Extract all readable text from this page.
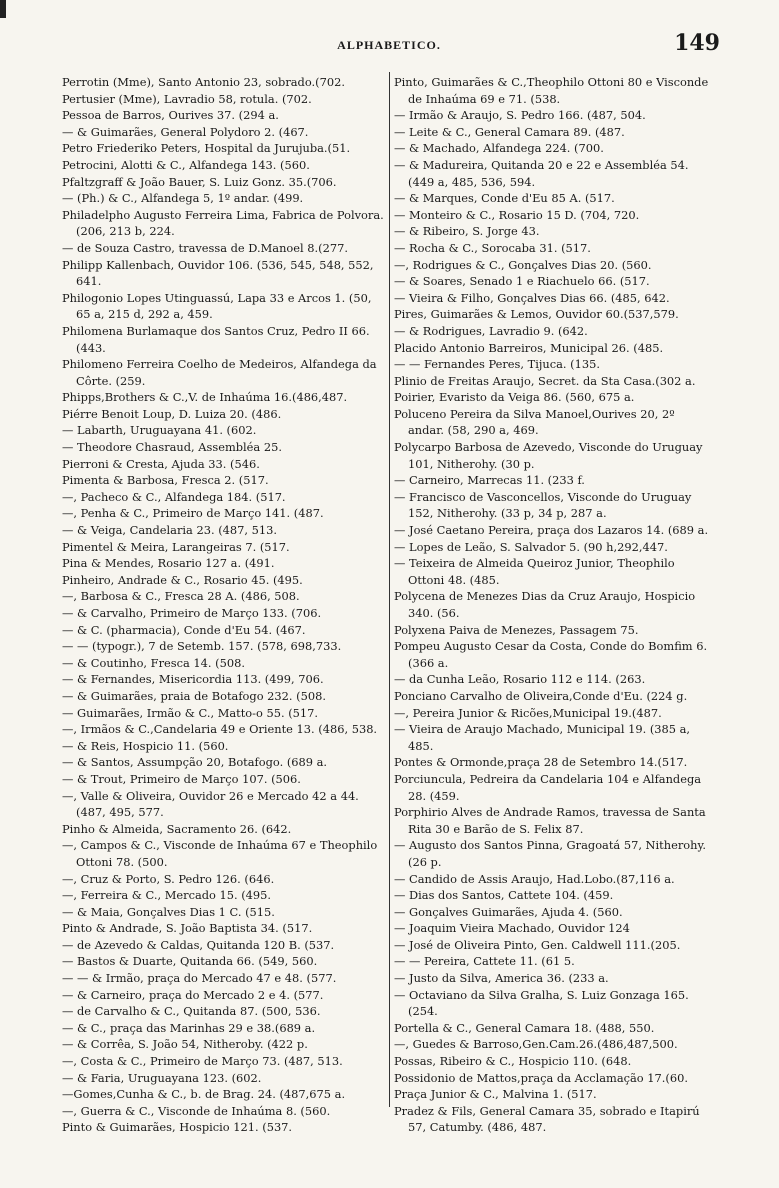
ALPHABETICO.	149
Perrotin (Mme), Santo Antonio 23, sobrado.(702.
Pertusier (Mme), Lavradio 58, rotula. (702.
Pessoa de Barros, Ourives 37. (294 a.
— & Guimarães, General Polydoro 2. (467.
Petro Friederiko Peters, Hospital da Jurujuba.(51.
Petrocini, Alotti & C., Alfandega 143. (560.
Pfaltzgraff & João Bauer, S. Luiz Gonz. 35.(706.
— (Ph.) & C., Alfandega 5, 1º andar. (499.
Philadelpho Augusto Ferreira Lima, Fabrica de Polvora. (206, 213 b, 224.
— de Souza Castro, travessa de D.Manoel 8.(277.
Philipp Kallenbach, Ouvidor 106. (536, 545, 548, 552, 641.
Philogonio Lopes Utinguassú, Lapa 33 e Arcos 1. (50, 65 a, 215 d, 292 a, 459.
Philomena Burlamaque dos Santos Cruz, Pedro II 66. (443.
Philomeno Ferreira Coelho de Medeiros, Alfandega da Côrte. (259.
Phipps,Brothers & C.,V. de Inhaúma 16.(486,487.
Piérre Benoit Loup, D. Luiza 20. (486.
— Labarth, Uruguayana 41. (602.
— Theodore Chasraud, Assembléa 25.
Pierroni & Cresta, Ajuda 33. (546.
Pimenta & Barbosa, Fresca 2. (517.
—, Pacheco & C., Alfandega 184. (517.
—, Penha & C., Primeiro de Março 141. (487.
— & Veiga, Candelaria 23. (487, 513.
Pimentel & Meira, Larangeiras 7. (517.
Pina & Mendes, Rosario 127 a. (491.
Pinheiro, Andrade & C., Rosario 45. (495.
—, Barbosa & C., Fresca 28 A. (486, 508.
— & Carvalho, Primeiro de Março 133. (706.
— & C. (pharmacia), Conde d'Eu 54. (467.
— — (typogr.), 7 de Setemb. 157. (578, 698,733.
— & Coutinho, Fresca 14. (508.
— & Fernandes, Misericordia 113. (499, 706.
— & Guimarães, praia de Botafogo 232. (508.
— Guimarães, Irmão & C., Matto-o 55. (517.
—, Irmãos & C.,Candelaria 49 e Oriente 13. (486, 538.
— & Reis, Hospicio 11. (560.
— & Santos, Assumpção 20, Botafogo. (689 a.
— & Trout, Primeiro de Março 107. (506.
—, Valle & Oliveira, Ouvidor 26 e Mercado 42 a 44. (487, 495, 577.
Pinho & Almeida, Sacramento 26. (642.
—, Campos & C., Visconde de Inhaúma 67 e Theophilo Ottoni 78. (500.
—, Cruz & Porto, S. Pedro 126. (646.
—, Ferreira & C., Mercado 15. (495.
— & Maia, Gonçalves Dias 1 C. (515.
Pinto & Andrade, S. João Baptista 34. (517.
— de Azevedo & Caldas, Quitanda 120 B. (537.
— Bastos & Duarte, Quitanda 66. (549, 560.
— — & Irmão, praça do Mercado 47 e 48. (577.
— & Carneiro, praça do Mercado 2 e 4. (577.
— de Carvalho & C., Quitanda 87. (500, 536.
— & C., praça das Marinhas 29 e 38.(689 a.
— & Corrêa, S. João 54, Nitheroby. (422 p.
—, Costa & C., Primeiro de Março 73. (487, 513.
— & Faria, Uruguayana 123. (602.
—Gomes,Cunha & C., b. de Brag. 24. (487,675 a.
—, Guerra & C., Visconde de Inhaúma 8. (560.
Pinto & Guimarães, Hospicio 121. (537.
Pinto, Guimarães & C.,Theophilo Ottoni 80 e Visconde de Inhaúma 69 e 71. (538.
— Irmão & Araujo, S. Pedro 166. (487, 504.
— Leite & C., General Camara 89. (487.
— & Machado, Alfandega 224. (700.
— & Madureira, Quitanda 20 e 22 e Assembléa 54. (449 a, 485, 536, 594.
— & Marques, Conde d'Eu 85 A. (517.
— Monteiro & C., Rosario 15 D. (704, 720.
— & Ribeiro, S. Jorge 43.
— Rocha & C., Sorocaba 31. (517.
—, Rodrigues & C., Gonçalves Dias 20. (560.
— & Soares, Senado 1 e Riachuelo 66. (517.
— Vieira & Filho, Gonçalves Dias 66. (485, 642.
Pires, Guimarães & Lemos, Ouvidor 60.(537,579.
— & Rodrigues, Lavradio 9. (642.
Placido Antonio Barreiros, Municipal 26. (485.
— — Fernandes Peres, Tijuca. (135.
Plinio de Freitas Araujo, Secret. da Sta Casa.(302 a.
Poirier, Evaristo da Veiga 86. (560, 675 a.
Poluceno Pereira da Silva Manoel,Ourives 20, 2º andar. (58, 290 a, 469.
Polycarpo Barbosa de Azevedo, Visconde do Uruguay 101, Nitherohy. (30 p.
— Carneiro, Marrecas 11. (233 f.
— Francisco de Vasconcellos, Visconde do Uruguay 152, Nitherohy. (33 p, 34 p, 287 a.
— José Caetano Pereira, praça dos Lazaros 14. (689 a.
— Lopes de Leão, S. Salvador 5. (90 h,292,447.
— Teixeira de Almeida Queiroz Junior, Theophilo Ottoni 48. (485.
Polycena de Menezes Dias da Cruz Araujo, Hospicio 340. (56.
Polyxena Paiva de Menezes, Passagem 75.
Pompeu Augusto Cesar da Costa, Conde do Bomfim 6. (366 a.
— da Cunha Leão, Rosario 112 e 114. (263.
Ponciano Carvalho de Oliveira,Conde d'Eu. (224 g.
—, Pereira Junior & Ricões,Municipal 19.(487.
— Vieira de Araujo Machado, Municipal 19. (385 a, 485.
Pontes & Ormonde,praça 28 de Setembro 14.(517.
Porciuncula, Pedreira da Candelaria 104 e Alfandega 28. (459.
Porphirio Alves de Andrade Ramos, travessa de Santa Rita 30 e Barão de S. Felix 87.
— Augusto dos Santos Pinna, Gragoatá 57, Nitherohy. (26 p.
— Candido de Assis Araujo, Had.Lobo.(87,116 a.
— Dias dos Santos, Cattete 104. (459.
— Gonçalves Guimarães, Ajuda 4. (560.
— Joaquim Vieira Machado, Ouvidor 124
— José de Oliveira Pinto, Gen. Caldwell 111.(205.
— — Pereira, Cattete 11. (61 5.
— Justo da Silva, America 36. (233 a.
— Octaviano da Silva Gralha, S. Luiz Gonzaga 165. (254.
Portella & C., General Camara 18. (488, 550.
—, Guedes & Barroso,Gen.Cam.26.(486,487,500.
Possas, Ribeiro & C., Hospicio 110. (648.
Possidonio de Mattos,praça da Acclamação 17.(60.
Praça Junior & C., Malvina 1. (517.
Pradez & Fils, General Camara 35, sobrado e Itapirú 57, Catumby. (486, 487.
